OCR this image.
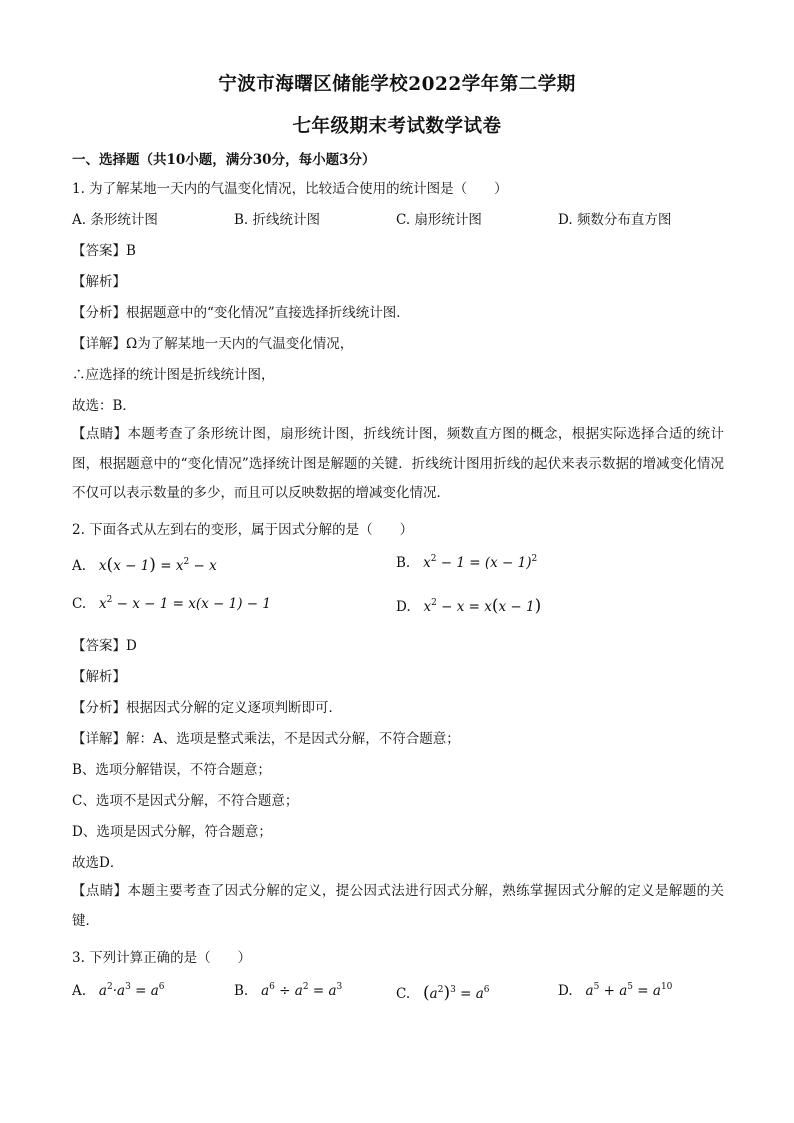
宁波市海曙区储能学校2022学年第二学期
七年级期末考试数学试卷
一、选择题（共10小题，满分30分，每小题3分）
1. 为了解某地一天内的气温变化情况，比较适合使用的统计图是（　　）
A. 条形统计图	B. 折线统计图	C. 扇形统计图	D. 频数分布直方图
【答案】B
【解析】
【分析】根据题意中的“变化情况”直接选择折线统计图．
【详解】Ω为了解某地一天内的气温变化情况，
∴应选择的统计图是折线统计图，
故选：B．
【点睛】本题考查了条形统计图，扇形统计图，折线统计图，频数直方图的概念，根据实际选择合适的统计图，根据题意中的“变化情况”选择统计图是解题的关键．折线统计图用折线的起伏来表示数据的增减变化情况不仅可以表示数量的多少，而且可以反映数据的增减变化情况．
2. 下面各式从左到右的变形，属于因式分解的是（　　）
A. $x(x - 1) = x^2 - x$	B. $x^2 - 1 = (x - 1)^2$
C. $x^2 - x - 1 = x(x - 1) - 1$	D. $x^2 - x = x(x - 1)$
【答案】D
【解析】
【分析】根据因式分解的定义逐项判断即可．
【详解】解：A、选项是整式乘法，不是因式分解，不符合题意；
B、选项分解错误，不符合题意；
C、选项不是因式分解，不符合题意；
D、选项是因式分解，符合题意；
故选D．
【点睛】本题主要考查了因式分解的定义，提公因式法进行因式分解，熟练掌握因式分解的定义是解题的关键．
3. 下列计算正确的是（　　）
A. $a^2\cdot a^3 = a^6$	B. $a^6 \div a^2 = a^3$	C. $(a^2)^3 = a^6$	D. $a^5 + a^5 = a^{10}$
